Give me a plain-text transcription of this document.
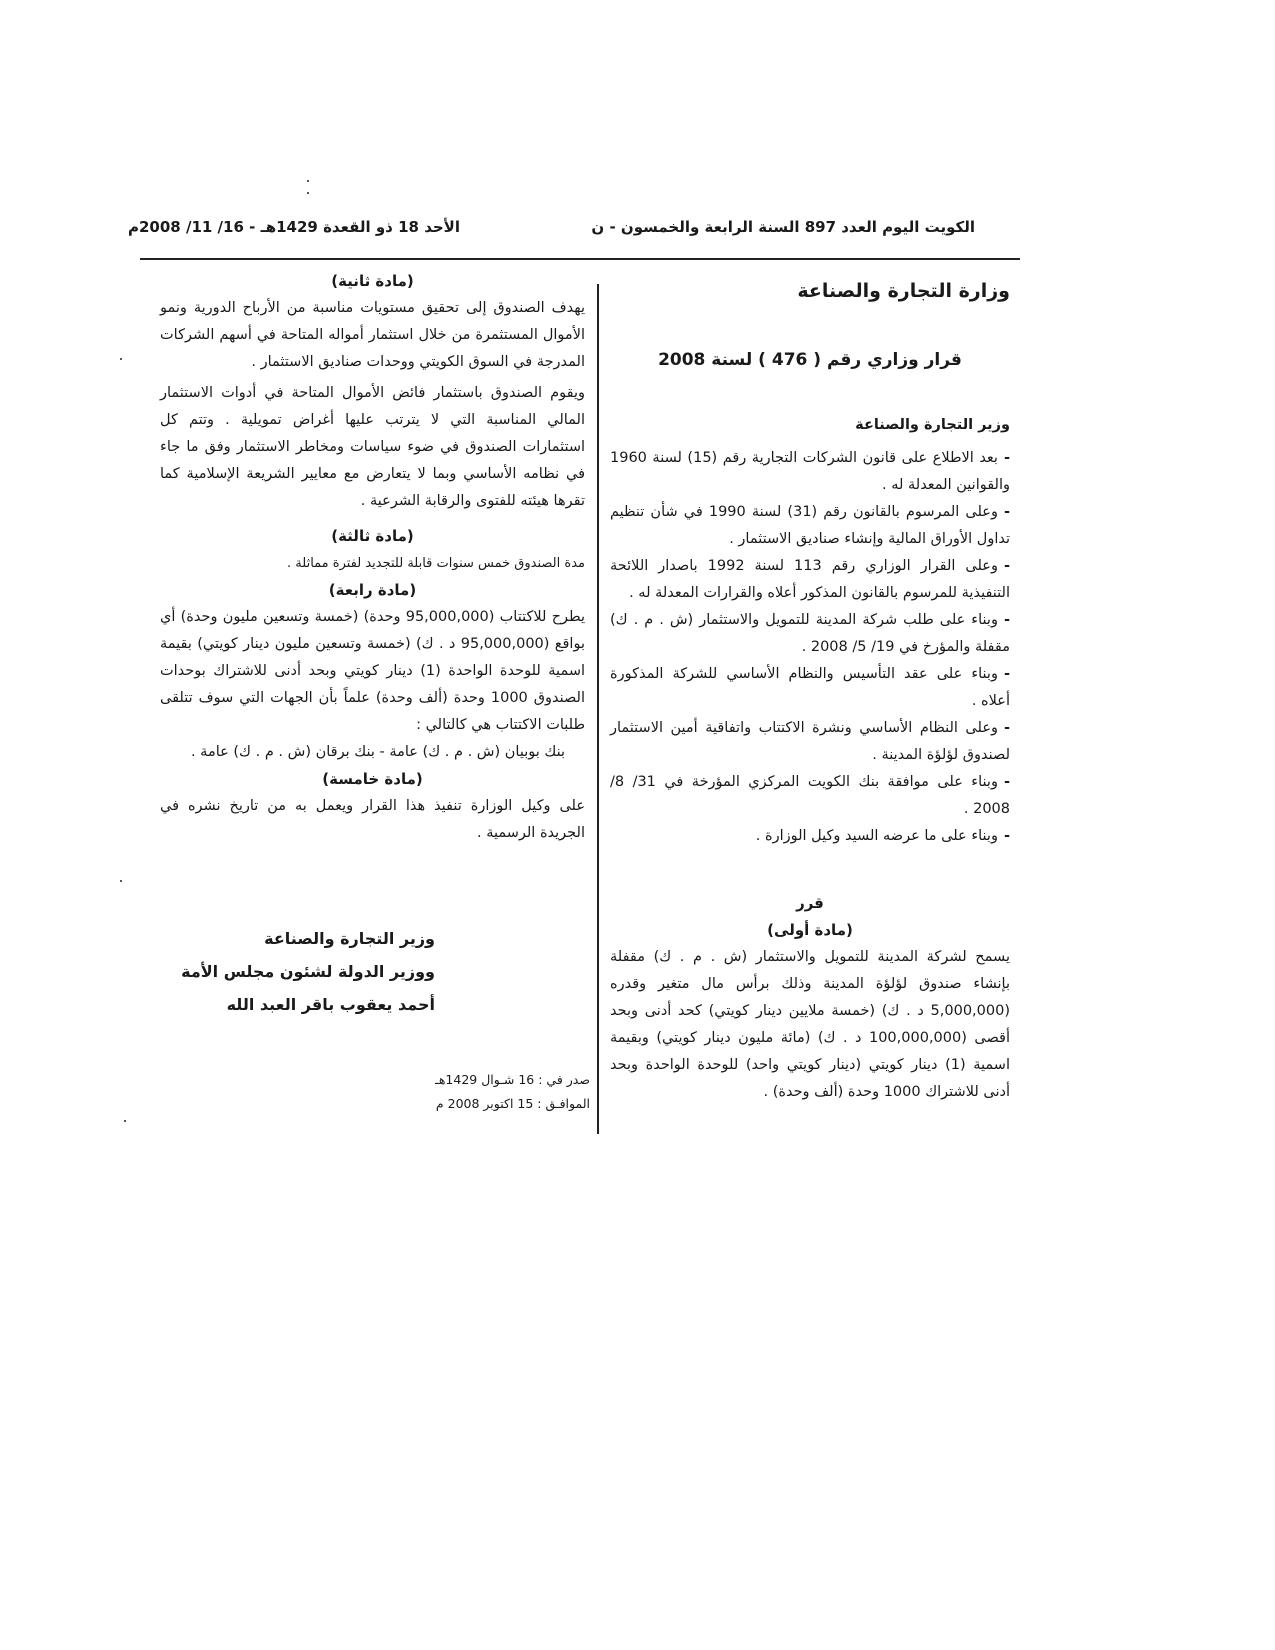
الكويت اليوم العدد 897 السنة الرابعة والخمسون - ن
الأحد 18 ذو القعدة 1429هـ - 16/ 11/ 2008م
وزارة التجارة والصناعة
قرار وزاري رقم ( 476 ) لسنة 2008
وزير التجارة والصناعة

-بعد الاطلاع على قانون الشركات التجارية رقم (15) لسنة 1960 والقوانين المعدلة له .

-وعلى المرسوم بالقانون رقم (31) لسنة 1990 في شأن تنظيم تداول الأوراق المالية وإنشاء صناديق الاستثمار .

-وعلى القرار الوزاري رقم 113 لسنة 1992 باصدار اللائحة التنفيذية للمرسوم بالقانون المذكور أعلاه والقرارات المعدلة له .

-وبناء على طلب شركة المدينة للتمويل والاستثمار (ش . م . ك) مقفلة والمؤرخ في 19/ 5/ 2008 .

-وبناء على عقد التأسيس والنظام الأساسي للشركة المذكورة أعلاه .

-وعلى النظام الأساسي ونشرة الاكتتاب واتفاقية أمين الاستثمار لصندوق لؤلؤة المدينة .

-وبناء على موافقة بنك الكويت المركزي المؤرخة في 31/ 8/ 2008 .

-وبناء على ما عرضه السيد وكيل الوزارة .

قرر
(مادة أولى)

يسمح لشركة المدينة للتمويل والاستثمار (ش . م . ك) مقفلة بإنشاء صندوق لؤلؤة المدينة وذلك برأس مال متغير وقدره (5,000,000 د . ك) (خمسة ملايين دينار كويتي) كحد أدنى وبحد أقصى (100,000,000 د . ك) (مائة مليون دينار كويتي) وبقيمة اسمية (1) دينار كويتي (دينار كويتي واحد) للوحدة الواحدة وبحد أدنى للاشتراك 1000 وحدة (ألف وحدة) .

(مادة ثانية)

يهدف الصندوق إلى تحقيق مستويات مناسبة من الأرباح الدورية ونمو الأموال المستثمرة من خلال استثمار أمواله المتاحة في أسهم الشركات المدرجة في السوق الكويتي ووحدات صناديق الاستثمار .

ويقوم الصندوق باستثمار فائض الأموال المتاحة في أدوات الاستثمار المالي المناسبة التي لا يترتب عليها أغراض تمويلية . وتتم كل استثمارات الصندوق في ضوء سياسات ومخاطر الاستثمار وفق ما جاء في نظامه الأساسي وبما لا يتعارض مع معايير الشريعة الإسلامية كما تقرها هيئته للفتوى والرقابة الشرعية .

(مادة ثالثة)

مدة الصندوق خمس سنوات قابلة للتجديد لفترة مماثلة .

(مادة رابعة)

يطرح للاكتتاب (95,000,000 وحدة) (خمسة وتسعين مليون وحدة) أي بواقع (95,000,000 د . ك) (خمسة وتسعين مليون دينار كويتي) بقيمة اسمية للوحدة الواحدة (1) دينار كويتي وبحد أدنى للاشتراك بوحدات الصندوق 1000 وحدة (ألف وحدة) علماً بأن الجهات التي سوف تتلقى طلبات الاكتتاب هي كالتالي :

بنك بوبيان (ش . م . ك) عامة - بنك برقان (ش . م . ك) عامة .

(مادة خامسة)

على وكيل الوزارة تنفيذ هذا القرار ويعمل به من تاريخ نشره في الجريدة الرسمية .

وزير التجارة والصناعة
ووزير الدولة لشئون مجلس الأمة
أحمد يعقوب باقر العبد الله
صدر في : 16 شـوال 1429هـ
الموافـق : 15 اكتوبر 2008 م
